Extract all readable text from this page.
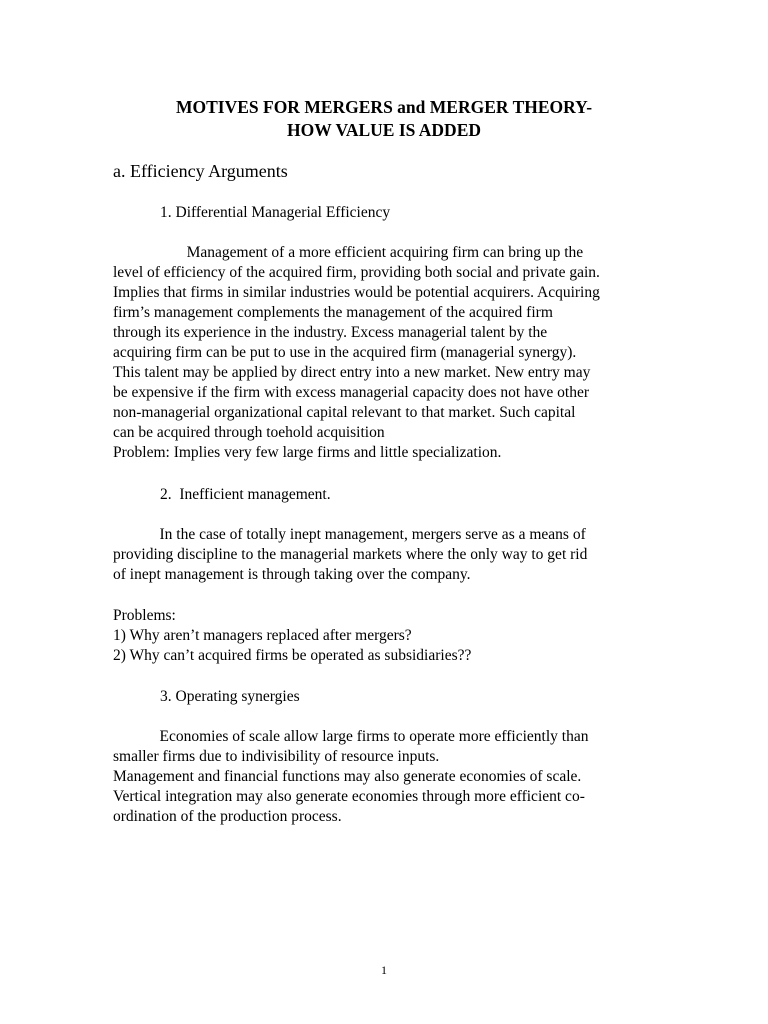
MOTIVES FOR MERGERS and MERGER THEORY-
HOW VALUE IS ADDED
a. Efficiency Arguments
1. Differential Managerial Efficiency

Management of a more efficient acquiring firm can bring up the

level of efficiency of the acquired firm, providing both social and private gain.

Implies that firms in similar industries would be potential acquirers. Acquiring

firm’s management complements the management of the acquired firm

through its experience in the industry. Excess managerial talent by the

acquiring firm can be put to use in the acquired firm (managerial synergy).

This talent may be applied by direct entry into a new market. New entry may

be expensive if the firm with excess managerial capacity does not have other

non-managerial organizational capital relevant to that market. Such capital

can be acquired through toehold acquisition

Problem: Implies very few large firms and little specialization.

2.  Inefficient management.

In the case of totally inept management, mergers serve as a means of

providing discipline to the managerial markets where the only way to get rid

of inept management is through taking over the company.

Problems:

1) Why aren’t managers replaced after mergers?

2) Why can’t acquired firms be operated as subsidiaries??

3. Operating synergies

Economies of scale allow large firms to operate more efficiently than

smaller firms due to indivisibility of resource inputs.

Management and financial functions may also generate economies of scale.

Vertical integration may also generate economies through more efficient co-

ordination of the production process.

1
